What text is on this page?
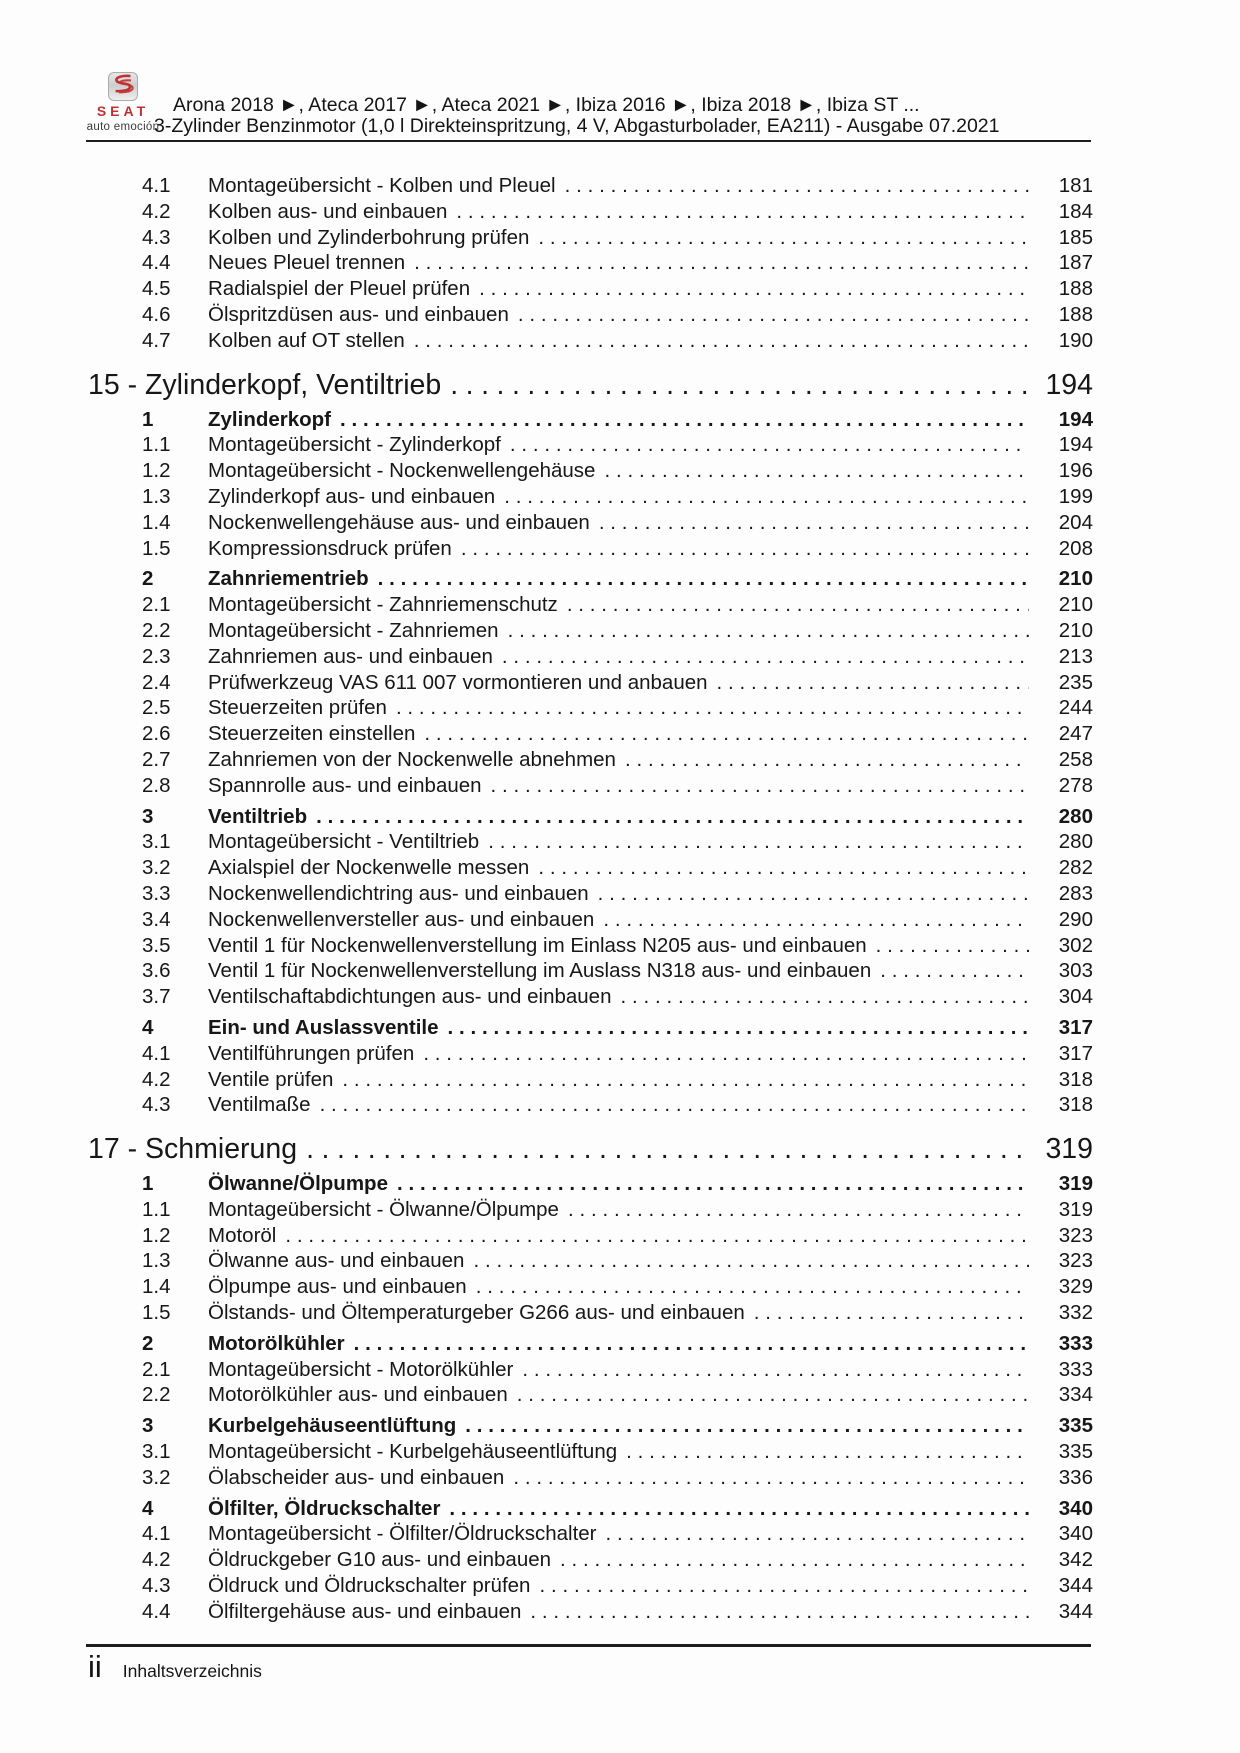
SEAT
auto emoción
Arona 2018 ►, Ateca 2017 ►, Ateca 2021 ►, Ibiza 2016 ►, Ibiza 2018 ►, Ibiza ST ...
3-Zylinder Benzinmotor (1,0 l Direkteinspritzung, 4 V, Abgasturbolader, EA211) - Ausgabe 07.2021
4.1	Montageübersicht - Kolben und Pleuel .....	181
4.2	Kolben aus- und einbauen .....	184
4.3	Kolben und Zylinderbohrung prüfen .....	185
4.4	Neues Pleuel trennen .....	187
4.5	Radialspiel der Pleuel prüfen .....	188
4.6	Ölspritzdüsen aus- und einbauen .....	188
4.7	Kolben auf OT stellen .....	190
15 - Zylinderkopf, Ventiltrieb .....	194
1	Zylinderkopf .....	194
1.1	Montageübersicht - Zylinderkopf .....	194
1.2	Montageübersicht - Nockenwellengehäuse .....	196
1.3	Zylinderkopf aus- und einbauen .....	199
1.4	Nockenwellengehäuse aus- und einbauen .....	204
1.5	Kompressionsdruck prüfen .....	208
2	Zahnriementrieb .....	210
2.1	Montageübersicht - Zahnriemenschutz .....	210
2.2	Montageübersicht - Zahnriemen .....	210
2.3	Zahnriemen aus- und einbauen .....	213
2.4	Prüfwerkzeug VAS 611 007 vormontieren und anbauen .....	235
2.5	Steuerzeiten prüfen .....	244
2.6	Steuerzeiten einstellen .....	247
2.7	Zahnriemen von der Nockenwelle abnehmen .....	258
2.8	Spannrolle aus- und einbauen .....	278
3	Ventiltrieb .....	280
3.1	Montageübersicht - Ventiltrieb .....	280
3.2	Axialspiel der Nockenwelle messen .....	282
3.3	Nockenwellendichtring aus- und einbauen .....	283
3.4	Nockenwellenversteller aus- und einbauen .....	290
3.5	Ventil 1 für Nockenwellenverstellung im Einlass N205 aus- und einbauen .....	302
3.6	Ventil 1 für Nockenwellenverstellung im Auslass N318 aus- und einbauen .....	303
3.7	Ventilschaftabdichtungen aus- und einbauen .....	304
4	Ein- und Auslassventile .....	317
4.1	Ventilführungen prüfen .....	317
4.2	Ventile prüfen .....	318
4.3	Ventilmaße .....	318
17 - Schmierung .....	319
1	Ölwanne/Ölpumpe .....	319
1.1	Montageübersicht - Ölwanne/Ölpumpe .....	319
1.2	Motoröl .....	323
1.3	Ölwanne aus- und einbauen .....	323
1.4	Ölpumpe aus- und einbauen .....	329
1.5	Ölstands- und Öltemperaturgeber G266 aus- und einbauen .....	332
2	Motorölkühler .....	333
2.1	Montageübersicht - Motorölkühler .....	333
2.2	Motorölkühler aus- und einbauen .....	334
3	Kurbelgehäuseentlüftung .....	335
3.1	Montageübersicht - Kurbelgehäuseentlüftung .....	335
3.2	Ölabscheider aus- und einbauen .....	336
4	Ölfilter, Öldruckschalter .....	340
4.1	Montageübersicht - Ölfilter/Öldruckschalter .....	340
4.2	Öldruckgeber G10 aus- und einbauen .....	342
4.3	Öldruck und Öldruckschalter prüfen .....	344
4.4	Ölfiltergehäuse aus- und einbauen .....	344
ii Inhaltsverzeichnis
